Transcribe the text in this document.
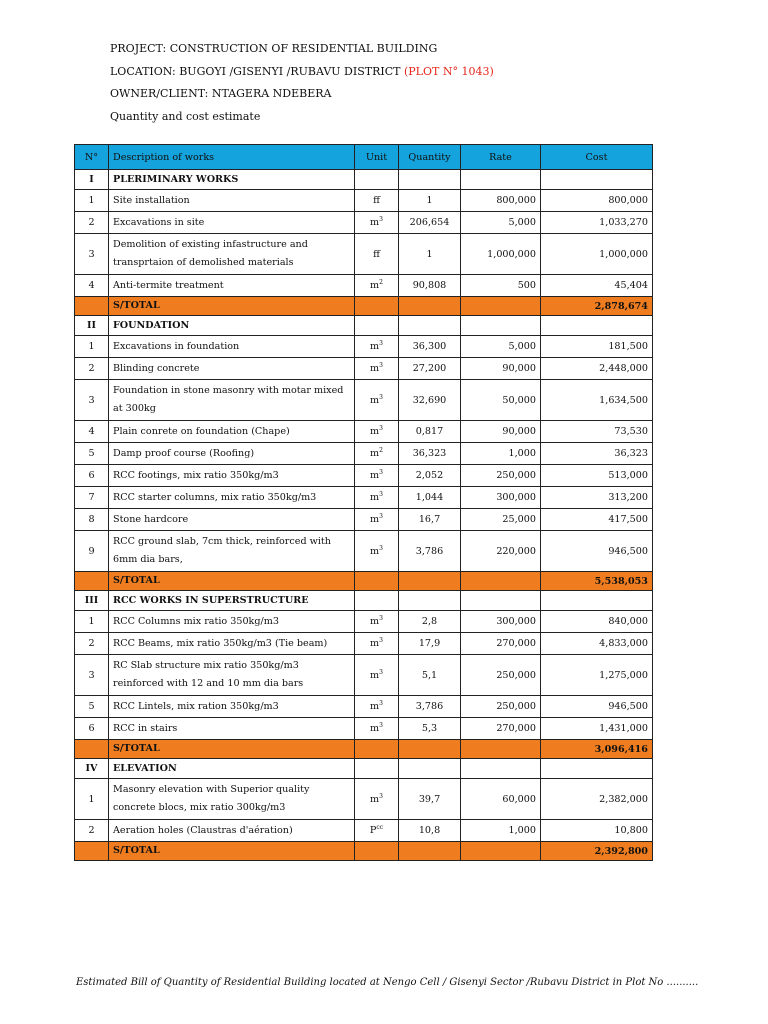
PROJECT: CONSTRUCTION OF RESIDENTIAL BUILDING
LOCATION: BUGOYI /GISENYI /RUBAVU DISTRICT (PLOT N° 1043)
OWNER/CLIENT: NTAGERA NDEBERA
Quantity and cost estimate
N°	Description of works	Unit	Quantity	Rate	Cost
I	PLERIMINARY WORKS				
1	Site installation	ff	1	800,000	800,000
2	Excavations in site	$m^3$	206,654	5,000	1,033,270
3	Demolition of existing infastructure and transprtaion of demolished materials	ff	1	1,000,000	1,000,000
4	Anti-termite treatment	$m^2$	90,808	500	45,404
	S/TOTAL				2,878,674
II	FOUNDATION				
1	Excavations in foundation	$m^3$	36,300	5,000	181,500
2	Blinding concrete	$m^3$	27,200	90,000	2,448,000
3	Foundation in stone masonry with motar mixed at 300kg	$m^3$	32,690	50,000	1,634,500
4	Plain conrete on foundation (Chape)	$m^3$	0,817	90,000	73,530
5	Damp proof course (Roofing)	$m^2$	36,323	1,000	36,323
6	RCC footings, mix ratio 350kg/m3	$m^3$	2,052	250,000	513,000
7	RCC starter columns, mix ratio 350kg/m3	$m^3$	1,044	300,000	313,200
8	Stone hardcore	$m^3$	16,7	25,000	417,500
9	RCC ground slab, 7cm thick, reinforced with 6mm dia bars,	$m^3$	3,786	220,000	946,500
	S/TOTAL				5,538,053
III	RCC WORKS IN SUPERSTRUCTURE				
1	RCC Columns mix ratio 350kg/m3	$m^3$	2,8	300,000	840,000
2	RCC Beams, mix ratio 350kg/m3 (Tie beam)	$m^3$	17,9	270,000	4,833,000
3	RC Slab structure mix ratio 350kg/m3 reinforced with 12 and 10 mm dia bars	$m^3$	5,1	250,000	1,275,000
5	RCC Lintels, mix ration 350kg/m3	$m^3$	3,786	250,000	946,500
6	RCC in stairs	$m^3$	5,3	270,000	1,431,000
	S/TOTAL				3,096,416
IV	ELEVATION				
1	Masonry elevation with Superior quality concrete blocs, mix ratio 300kg/m3	$m^3$	39,7	60,000	2,382,000
2	Aeration holes (Claustras d'aération)	$P^{cc}$	10,8	1,000	10,800
	S/TOTAL				2,392,800
Estimated Bill of Quantity of Residential Building located at Nengo Cell / Gisenyi Sector /Rubavu District in Plot No ..........
